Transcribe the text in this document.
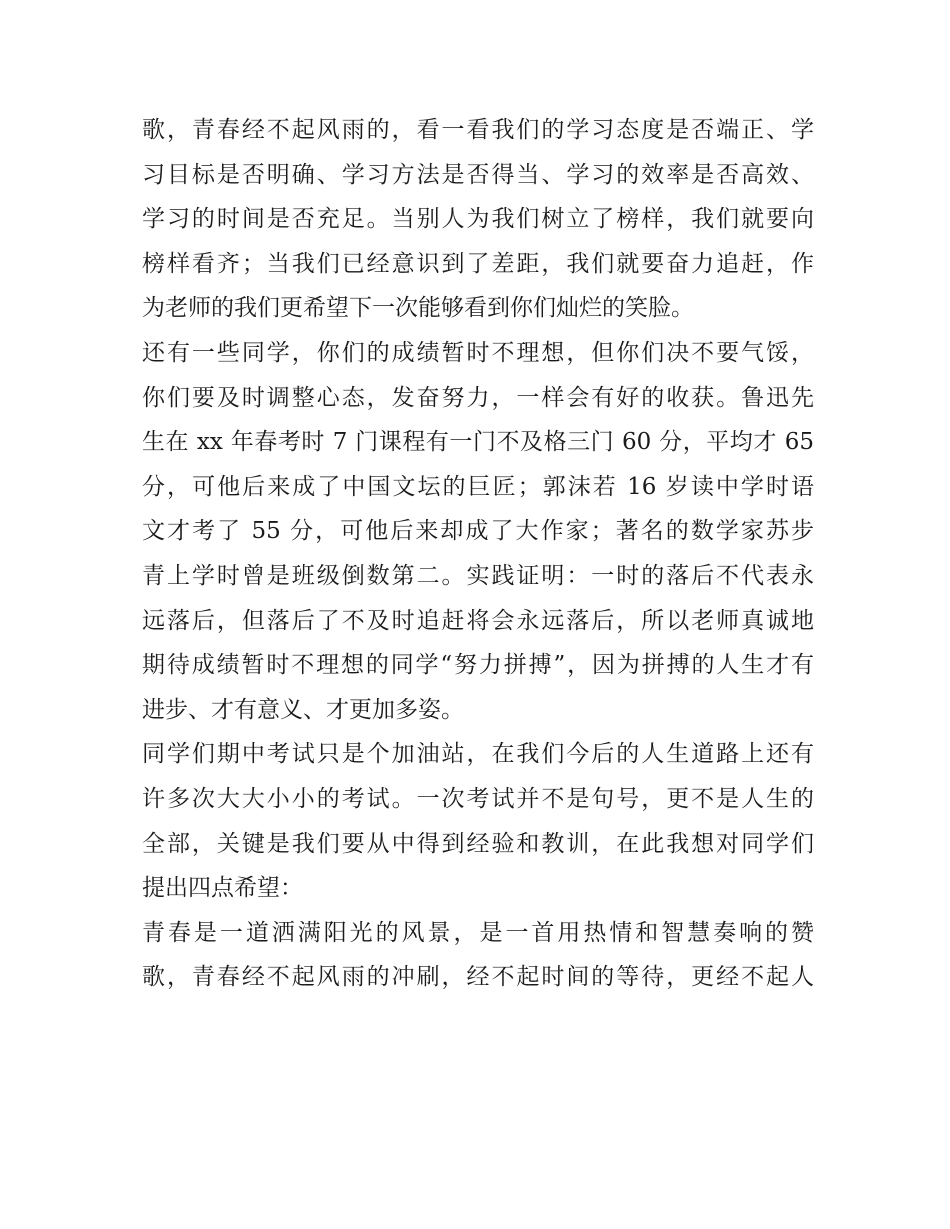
歌，青春经不起风雨的，看一看我们的学习态度是否端正、学
习目标是否明确、学习方法是否得当、学习的效率是否高效、
学习的时间是否充足。当别人为我们树立了榜样，我们就要向
榜样看齐；当我们已经意识到了差距，我们就要奋力追赶，作
为老师的我们更希望下一次能够看到你们灿烂的笑脸。
还有一些同学，你们的成绩暂时不理想，但你们决不要气馁，
你们要及时调整心态，发奋努力，一样会有好的收获。鲁迅先
生在 xx 年春考时 7 门课程有一门不及格三门 60 分，平均才 65
分，可他后来成了中国文坛的巨匠；郭沫若 16 岁读中学时语
文才考了 55 分，可他后来却成了大作家；著名的数学家苏步
青上学时曾是班级倒数第二。实践证明：一时的落后不代表永
远落后，但落后了不及时追赶将会永远落后，所以老师真诚地
期待成绩暂时不理想的同学“努力拼搏”，因为拼搏的人生才有
进步、才有意义、才更加多姿。
同学们期中考试只是个加油站，在我们今后的人生道路上还有
许多次大大小小的考试。一次考试并不是句号，更不是人生的
全部，关键是我们要从中得到经验和教训，在此我想对同学们
提出四点希望：
青春是一道洒满阳光的风景，是一首用热情和智慧奏响的赞
歌，青春经不起风雨的冲刷，经不起时间的等待，更经不起人
